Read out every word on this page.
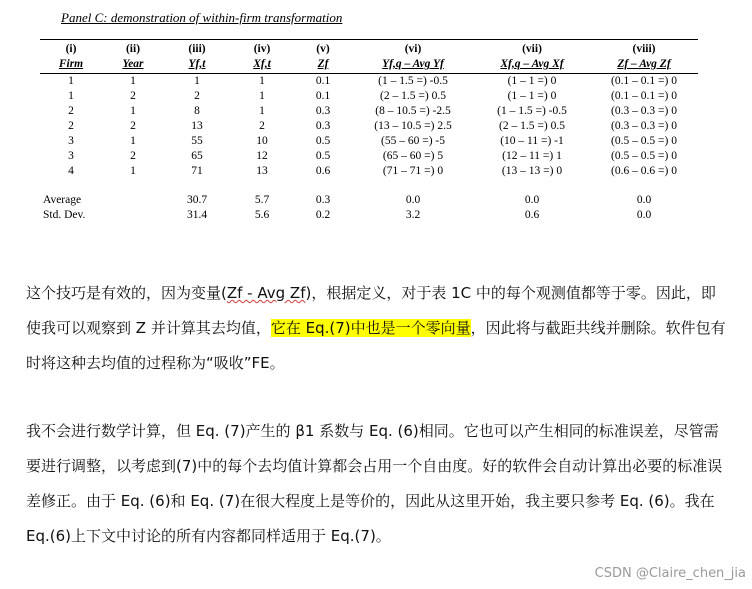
Panel C: demonstration of within-firm transformation
(i)	(ii)	(iii)	(iv)	(v)	(vi)	(vii)	(viii)
Firm	Year	Yf,t	Xf,t	Zf	Yf,q – Avg Yf	Xf,q – Avg Xf	Zf – Avg Zf
1	1	1	1	0.1	(1 – 1.5 =) -0.5	(1 – 1 =) 0	(0.1 – 0.1 =) 0
1	2	2	1	0.1	(2 – 1.5 =) 0.5	(1 – 1 =) 0	(0.1 – 0.1 =) 0
2	1	8	1	0.3	(8 – 10.5 =) -2.5	(1 – 1.5 =) -0.5	(0.3 – 0.3 =) 0
2	2	13	2	0.3	(13 – 10.5 =) 2.5	(2 – 1.5 =) 0.5	(0.3 – 0.3 =) 0
3	1	55	10	0.5	(55 – 60 =) -5	(10 – 11 =) -1	(0.5 – 0.5 =) 0
3	2	65	12	0.5	(65 – 60 =) 5	(12 – 11 =) 1	(0.5 – 0.5 =) 0
4	1	71	13	0.6	(71 – 71 =) 0	(13 – 13 =) 0	(0.6 – 0.6 =) 0

Average		30.7	5.7	0.3	0.0	0.0	0.0
Std. Dev.		31.4	5.6	0.2	3.2	0.6	0.0
这个技巧是有效的，因为变量(Zf - Avg Zf)，根据定义，对于表 1C 中的每个观测值都等于零。因此，即使我可以观察到 Z 并计算其去均值，它在 Eq.(7)中也是一个零向量，因此将与截距共线并删除。软件包有时将这种去均值的过程称为“吸收”FE。
我不会进行数学计算，但 Eq. (7)产生的 β1 系数与 Eq. (6)相同。它也可以产生相同的标准误差，尽管需要进行调整，以考虑到(7)中的每个去均值计算都会占用一个自由度。好的软件会自动计算出必要的标准误差修正。由于 Eq. (6)和 Eq. (7)在很大程度上是等价的，因此从这里开始，我主要只参考 Eq. (6)。我在 Eq.(6)上下文中讨论的所有内容都同样适用于 Eq.(7)。
CSDN @Claire_chen_jia
